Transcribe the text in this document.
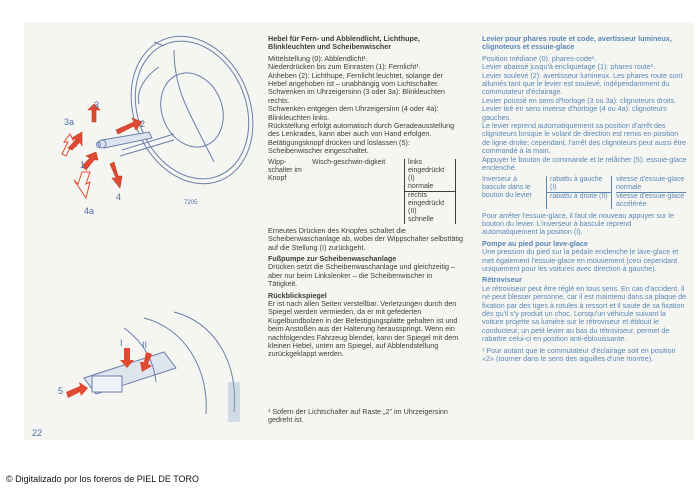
3
3a	2
0
1
4
4a
I II
5
7205

Hebel für Fern- und Abblendlicht, Lichthupe, Blinkleuchten und Scheibenwischer

Mittelstellung (0): Abblendlicht¹.

Niederdrücken bis zum Einrasten (1): Fernlicht¹.

Anheben (2): Lichthupe, Fernlicht leuchtet, solange der Hebel angehoben ist – unabhängig vom Lichtschalter.

Schwenken im Uhrzeigersinn (3 oder 3a): Blinkleuchten rechts.

Schwenken entgegen dem Uhrzeigersinn (4 oder 4a): Blinkleuchten links.

Rückstellung erfolgt automatisch durch Geradeausstellung des Lenkrades, kann aber auch von Hand erfolgen.

Betätigungsknopf drücken und loslassen (5): Scheibenwischer eingeschaltet.

Wipp-schalter im Knopf
links eingedrückt (I)
Wisch-geschwin-digkeit
normale
rechts eingedrückt (II)
schnelle

Erneutes Drücken des Knopfes schaltet die Scheibenwaschanlage ab, wobei der Wippschalter selbsttätig auf die Stellung (I) zurückgeht.

Fußpumpe zur Scheibenwaschanlage

Drücken setzt die Scheibenwaschanlage und gleichzeitig – aber nur beim Linkslenker – die Scheibenwischer in Tätigkeit.

Rückblickspiegel

Er ist nach allen Seiten verstellbar. Verletzungen durch den Spiegel werden vermieden, da er mit gefederten Kugelbundbolzen in der Befestigungsplatte gehalten ist und beim Anstoßen aus der Halterung herausspringt. Wenn ein nachfolgendes Fahrzeug blendet, kann der Spiegel mit dem kleinen Hebel, unten am Spiegel, auf Abblendstellung zurückgeklappt werden.

¹ Sofern der Lichtschalter auf Raste „2" im Uhrzeigersinn gedreht ist.

Levier pour phares route et code, avertisseur lumineux, clignoteurs et essuie-glace

Position médiane (0): phares-code¹.

Levier abaissé jusqu'à encliquetage (1): phares route¹.

Levier soulevé (2): avertisseur lumineux. Les phares route sont allumés tant que le levier est soulevé, indépendamment du commutateur d'éclairage.

Levier poussé en sens d'horloge (3 ou 3a): clignoteurs droits.

Levier tiré en sens inverse d'horloge (4 ou 4a): clignoteurs gauches.

Le levier reprend automatiquement sa position d'arrêt des clignoteurs lorsque le volant de direction est remis en position de ligne droite; cependant, l'arrêt des clignoteurs peut aussi être commandé à la main.

Appuyer le bouton de commande et le relâcher (5): essuie-glace enclenché.

Inverseur à bascule dans le bouton du levier
rabattu à gauche (I)
vitesse d'essuie-glace normale
rabattu à droite (II)	vitesse d'essuie-glace accélérée

Pour arrêter l'essuie-glace, il faut de nouveau appuyer sur le bouton du levier. L'inverseur à bascule reprend automatiquement la position (I).

Pompe au pied pour lave-glace

Une pression du pied sur la pédale enclenche le lave-glace et met également l'essuie-glace en mouvement (ceci cependant uniquement pour les voitures avec direction à gauche).

Rétroviseur

Le rétroviseur peut être réglé en tous sens. En cas d'accident, il ne peut blesser personne, car il est maintenu dans sa plaque de fixation par des tiges à rotules à ressort et il saute de sa fixation dès qu'il s'y produit un choc. Lorsqu'un véhicule suivant la voiture projette sa lumière sur le rétroviseur et éblouit le conducteur, un petit levier au bas du rétroviseur, permet de rabattre celui-ci en position anti-éblouissante.

¹ Pour autant que le commutateur d'éclairage soit en position «2» (tourner dans le sens des aiguilles d'une montre).

22
© Digitalizado por los foreros de PIEL DE TORO
